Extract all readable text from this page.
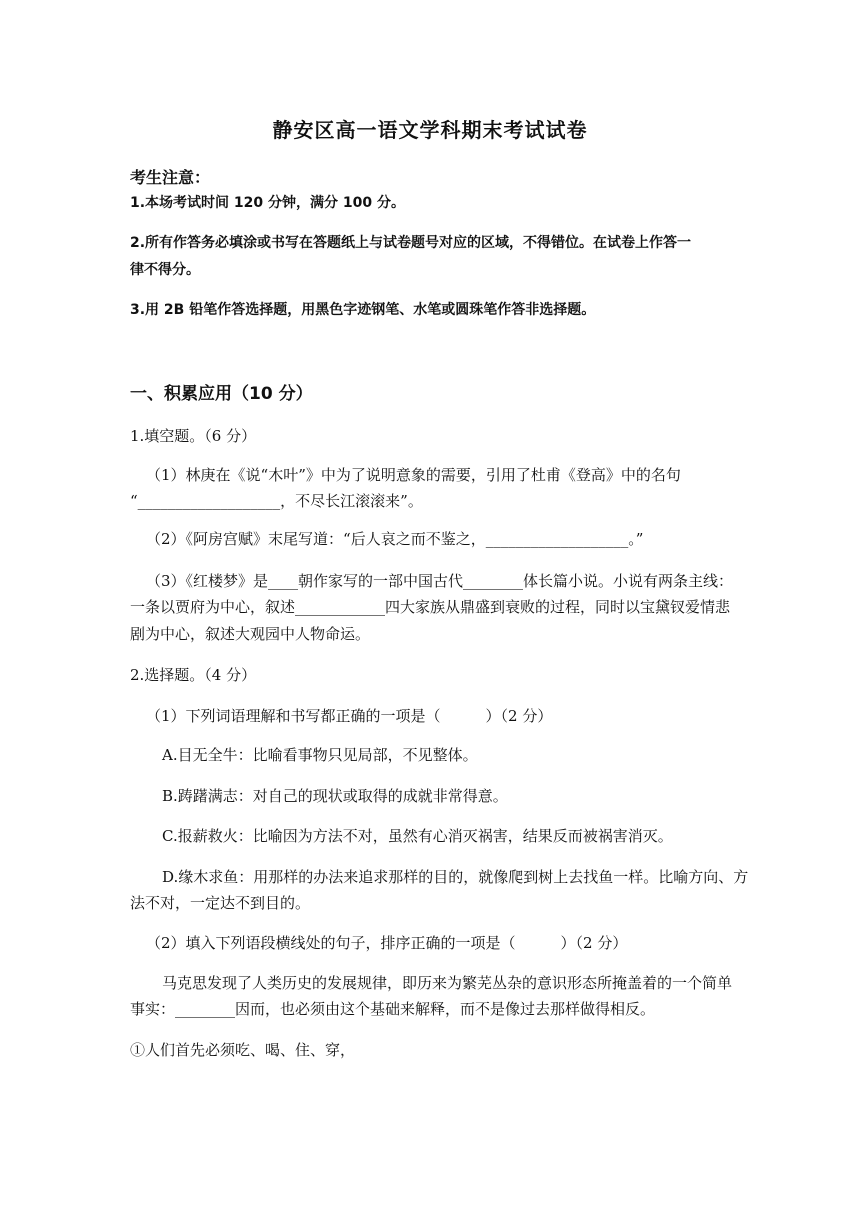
静安区高一语文学科期末考试试卷
考生注意：
1.本场考试时间 120 分钟，满分 100 分。
2.所有作答务必填涂或书写在答题纸上与试卷题号对应的区域，不得错位。在试卷上作答一
律不得分。
3.用 2B 铅笔作答选择题，用黑色字迹钢笔、水笔或圆珠笔作答非选择题。
一、积累应用（10 分）
1.填空题。（6 分）
（1）林庚在《说“木叶”》中为了说明意象的需要，引用了杜甫《登高》中的名句
“___________________，不尽长江滚滚来”。
（2）《阿房宫赋》末尾写道：“后人哀之而不鉴之，___________________。”
（3）《红楼梦》是____朝作家写的一部中国古代________体长篇小说。小说有两条主线：
一条以贾府为中心，叙述____________四大家族从鼎盛到衰败的过程，同时以宝黛钗爱情悲
剧为中心，叙述大观园中人物命运。
2.选择题。（4 分）
（1）下列词语理解和书写都正确的一项是（　　　）（2 分）
A.目无全牛：比喻看事物只见局部，不见整体。
B.踌躇满志：对自己的现状或取得的成就非常得意。
C.报薪救火：比喻因为方法不对，虽然有心消灭祸害，结果反而被祸害消灭。
D.缘木求鱼：用那样的办法来追求那样的目的，就像爬到树上去找鱼一样。比喻方向、方
法不对，一定达不到目的。
（2）填入下列语段横线处的句子，排序正确的一项是（　　　）（2 分）
马克思发现了人类历史的发展规律，即历来为繁芜丛杂的意识形态所掩盖着的一个简单
事实：________因而，也必须由这个基础来解释，而不是像过去那样做得相反。
①人们首先必须吃、喝、住、穿，
